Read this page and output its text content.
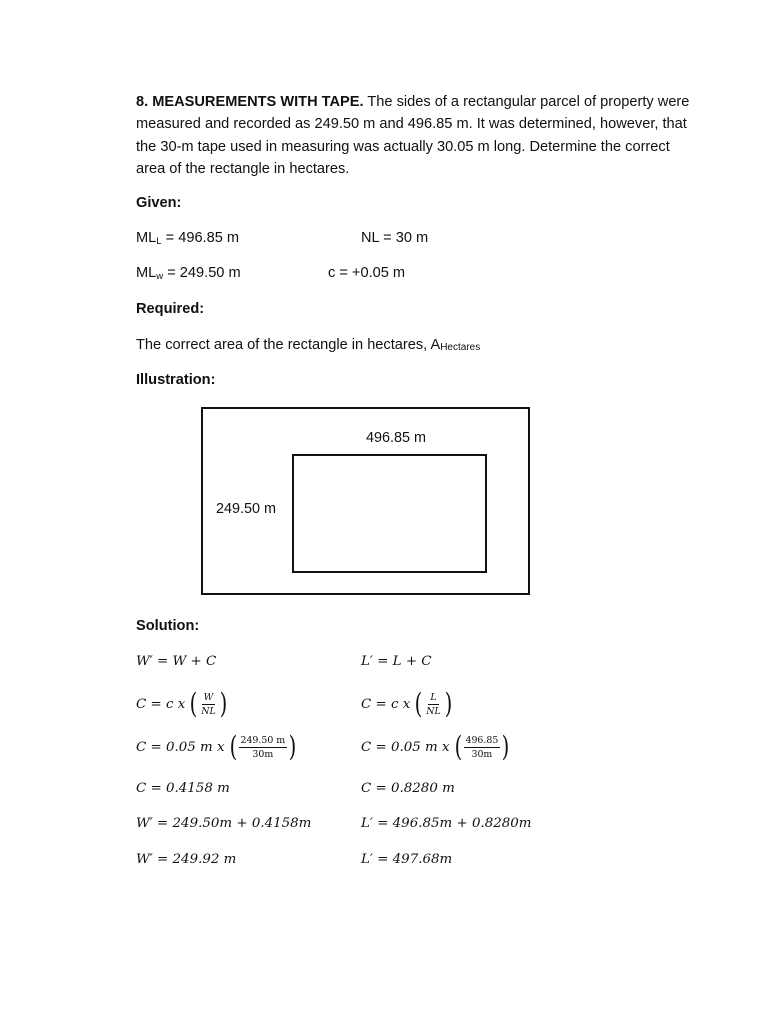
8. MEASUREMENTS WITH TAPE. The sides of a rectangular parcel of property were measured and recorded as 249.50 m and 496.85 m. It was determined, however, that the 30-m tape used in measuring was actually 30.05 m long. Determine the correct area of the rectangle in hectares.

Given:

$ML_L = 496.85$ m	NL = 30 m
$ML_w = 249.50$ m	c = +0.05 m

Required:

The correct area of the rectangle in hectares, AHectares

Illustration:

496.85 m
249.50 m

Solution:

W′ = W + C	L′ = L + C
C = c x ( $\frac{W}{NL}$ )	C = c x ( $\frac{L}{NL}$ )
C = 0.05 m x ( $\frac{249.50 m}{30m}$ )	C = 0.05 m x ( $\frac{496.85}{30m}$ )
C = 0.4158 m	C = 0.8280 m
W′ = 249.50m + 0.4158m	L′ = 496.85m + 0.8280m
W′ = 249.92 m	L′ = 497.68m
